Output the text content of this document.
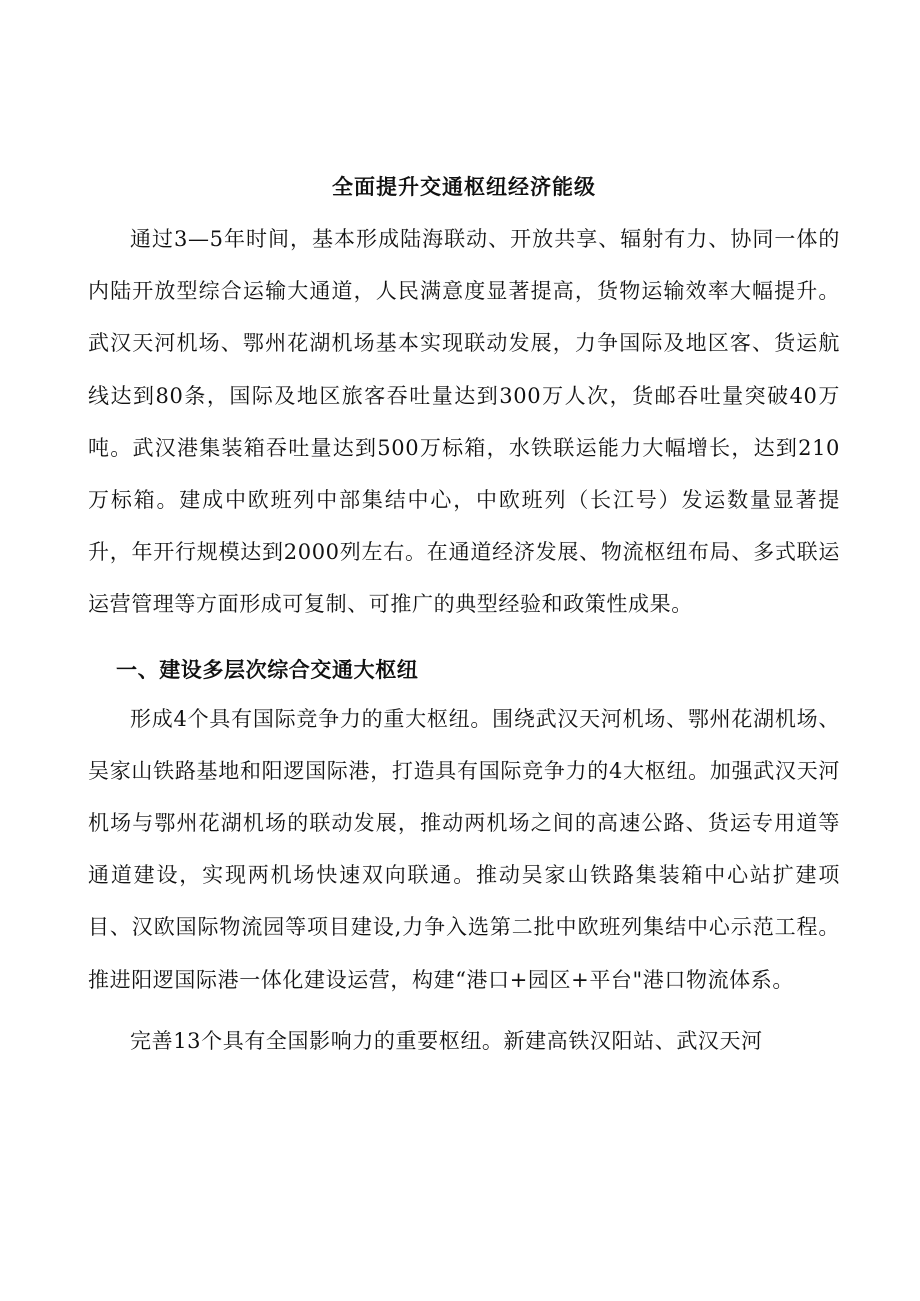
全面提升交通枢纽经济能级

通过3—5年时间，基本形成陆海联动、开放共享、辐射有力、协同一体的内陆开放型综合运输大通道，人民满意度显著提高，货物运输效率大幅提升。武汉天河机场、鄂州花湖机场基本实现联动发展，力争国际及地区客、货运航线达到80条，国际及地区旅客吞吐量达到300万人次，货邮吞吐量突破40万吨。武汉港集装箱吞吐量达到500万标箱，水铁联运能力大幅增长，达到210万标箱。建成中欧班列中部集结中心，中欧班列（长江号）发运数量显著提升，年开行规模达到2000列左右。在通道经济发展、物流枢纽布局、多式联运运营管理等方面形成可复制、可推广的典型经验和政策性成果。

一、建设多层次综合交通大枢纽

形成4个具有国际竞争力的重大枢纽。围绕武汉天河机场、鄂州花湖机场、吴家山铁路基地和阳逻国际港，打造具有国际竞争力的4大枢纽。加强武汉天河机场与鄂州花湖机场的联动发展，推动两机场之间的高速公路、货运专用道等通道建设，实现两机场快速双向联通。推动吴家山铁路集装箱中心站扩建项目、汉欧国际物流园等项目建设,力争入选第二批中欧班列集结中心示范工程。推进阳逻国际港一体化建设运营，构建“港口+园区+平台"港口物流体系。

完善13个具有全国影响力的重要枢纽。新建高铁汉阳站、武汉天河
